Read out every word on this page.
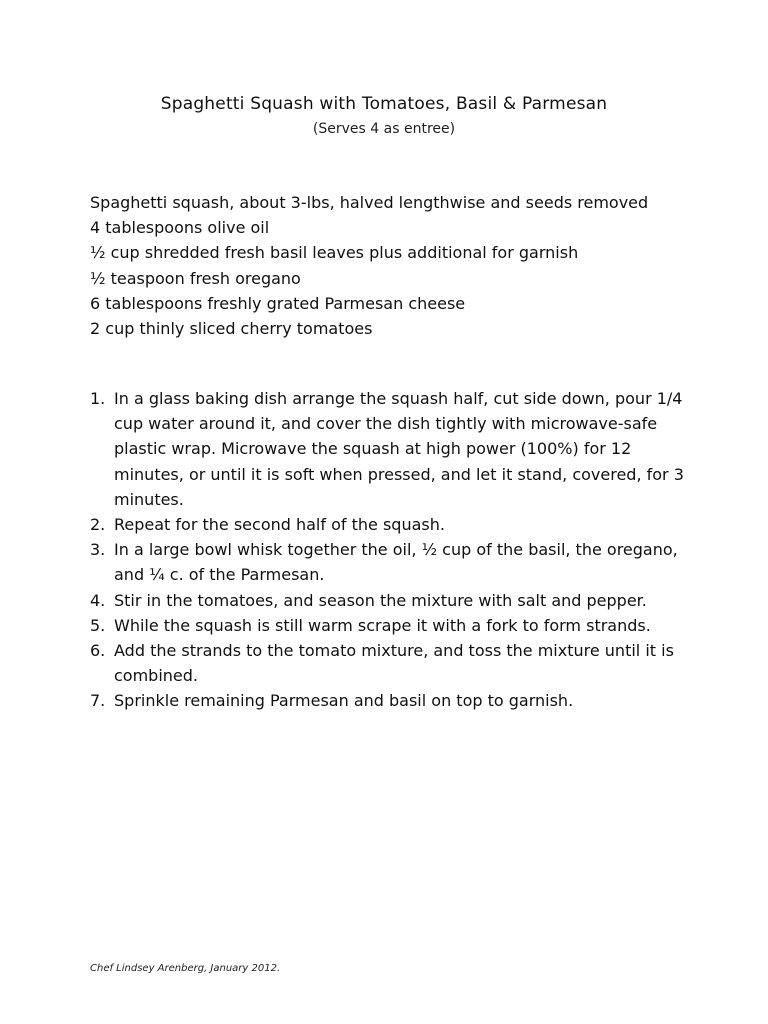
Spaghetti Squash with Tomatoes, Basil & Parmesan
(Serves 4 as entree)
Spaghetti squash, about 3-lbs, halved lengthwise and seeds removed
4 tablespoons olive oil
½ cup shredded fresh basil leaves plus additional for garnish
½ teaspoon fresh oregano
6 tablespoons freshly grated Parmesan cheese
2 cup thinly sliced cherry tomatoes
1. In a glass baking dish arrange the squash half, cut side down, pour 1/4 cup water around it, and cover the dish tightly with microwave-safe plastic wrap. Microwave the squash at high power (100%) for 12 minutes, or until it is soft when pressed, and let it stand, covered, for 3 minutes.
2. Repeat for the second half of the squash.
3. In a large bowl whisk together the oil, ½ cup of the basil, the oregano, and ¼ c. of the Parmesan.
4. Stir in the tomatoes, and season the mixture with salt and pepper.
5. While the squash is still warm scrape it with a fork to form strands.
6. Add the strands to the tomato mixture, and toss the mixture until it is combined.
7. Sprinkle remaining Parmesan and basil on top to garnish.
Chef Lindsey Arenberg, January 2012.
